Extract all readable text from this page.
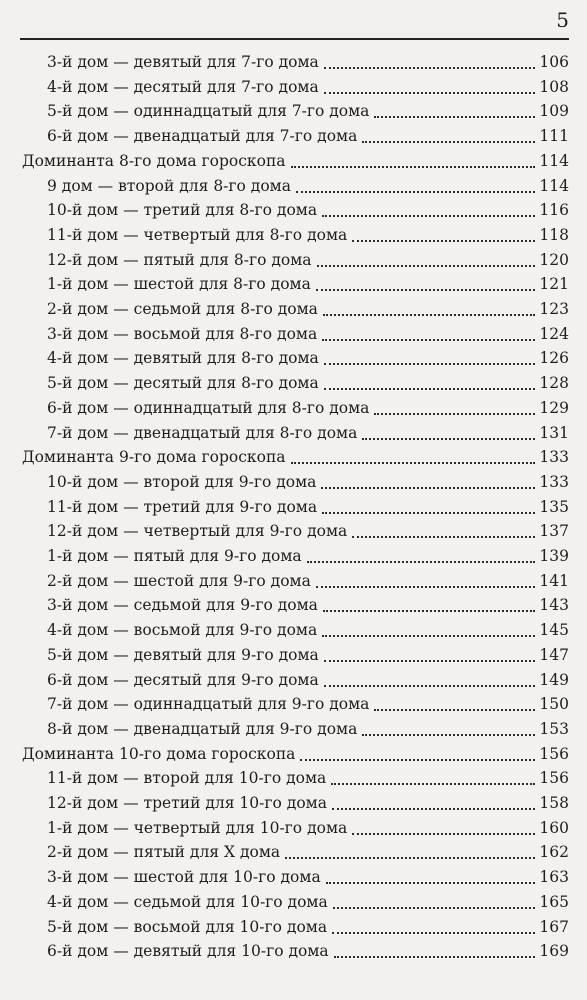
5
3-й дом — девятый для 7-го дома	106
4-й дом — десятый для 7-го дома	108
5-й дом — одиннадцатый для 7-го дома	109
6-й дом — двенадцатый для 7-го дома	111
Доминанта 8-го дома гороскопа	114
9 дом — второй для 8-го дома	114
10-й дом — третий для 8-го дома	116
11-й дом — четвертый для 8-го дома	118
12-й дом — пятый для 8-го дома	120
1-й дом — шестой для 8-го дома	121
2-й дом — седьмой для 8-го дома	123
3-й дом — восьмой для 8-го дома	124
4-й дом — девятый для 8-го дома	126
5-й дом — десятый для 8-го дома	128
6-й дом — одиннадцатый для 8-го дома	129
7-й дом — двенадцатый для 8-го дома	131
Доминанта 9-го дома гороскопа	133
10-й дом — второй для 9-го дома	133
11-й дом — третий для 9-го дома	135
12-й дом — четвертый для 9-го дома	137
1-й дом — пятый для 9-го дома	139
2-й дом — шестой для 9-го дома	141
3-й дом — седьмой для 9-го дома	143
4-й дом — восьмой для 9-го дома	145
5-й дом — девятый для 9-го дома	147
6-й дом — десятый для 9-го дома	149
7-й дом — одиннадцатый для 9-го дома	150
8-й дом — двенадцатый для 9-го дома	153
Доминанта 10-го дома гороскопа	156
11-й дом — второй для 10-го дома	156
12-й дом — третий для 10-го дома	158
1-й дом — четвертый для 10-го дома	160
2-й дом — пятый для X дома	162
3-й дом — шестой для 10-го дома	163
4-й дом — седьмой для 10-го дома	165
5-й дом — восьмой для 10-го дома	167
6-й дом — девятый для 10-го дома	169
